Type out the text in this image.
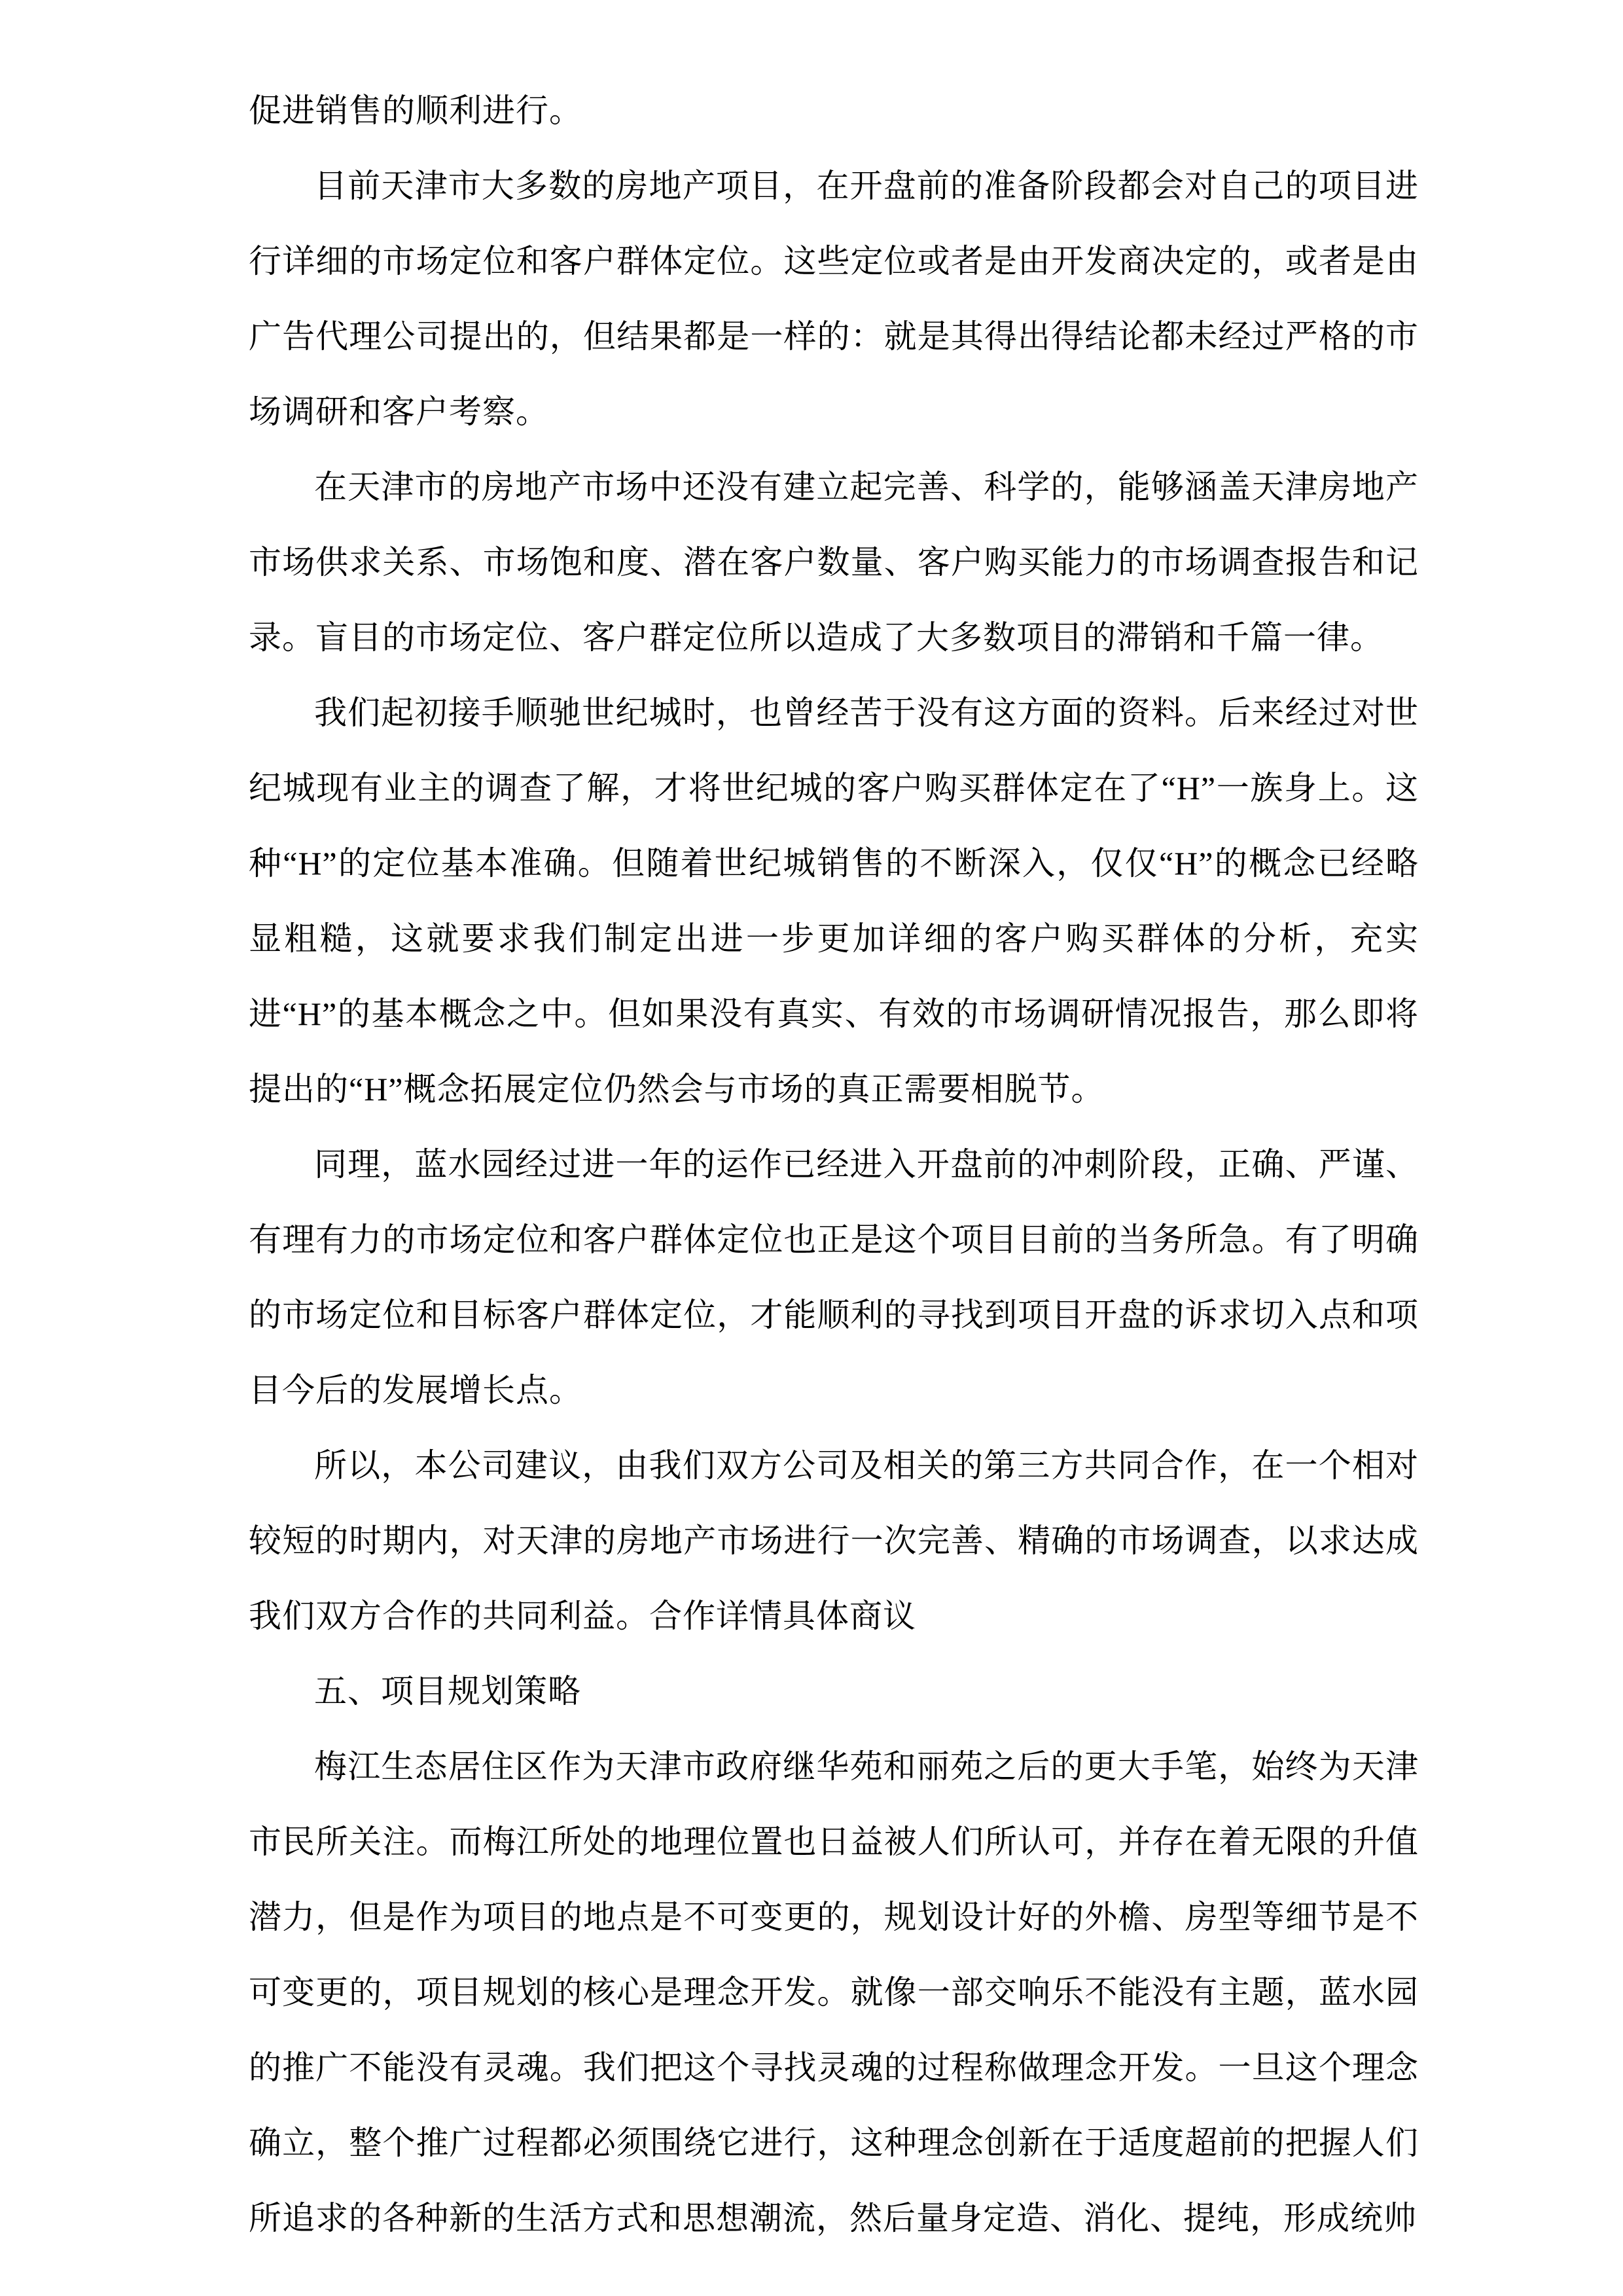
促进销售的顺利进行。

目前天津市大多数的房地产项目，在开盘前的准备阶段都会对自己的项目进行详细的市场定位和客户群体定位。这些定位或者是由开发商决定的，或者是由广告代理公司提出的，但结果都是一样的：就是其得出得结论都未经过严格的市场调研和客户考察。

在天津市的房地产市场中还没有建立起完善、科学的，能够涵盖天津房地产市场供求关系、市场饱和度、潜在客户数量、客户购买能力的市场调查报告和记录。盲目的市场定位、客户群定位所以造成了大多数项目的滞销和千篇一律。

我们起初接手顺驰世纪城时，也曾经苦于没有这方面的资料。后来经过对世纪城现有业主的调查了解，才将世纪城的客户购买群体定在了“H”一族身上。这种“H”的定位基本准确。但随着世纪城销售的不断深入，仅仅“H”的概念已经略显粗糙，这就要求我们制定出进一步更加详细的客户购买群体的分析，充实进“H”的基本概念之中。但如果没有真实、有效的市场调研情况报告，那么即将提出的“H”概念拓展定位仍然会与市场的真正需要相脱节。

同理，蓝水园经过进一年的运作已经进入开盘前的冲刺阶段，正确、严谨、有理有力的市场定位和客户群体定位也正是这个项目目前的当务所急。有了明确的市场定位和目标客户群体定位，才能顺利的寻找到项目开盘的诉求切入点和项目今后的发展增长点。

所以，本公司建议，由我们双方公司及相关的第三方共同合作，在一个相对较短的时期内，对天津的房地产市场进行一次完善、精确的市场调查，以求达成我们双方合作的共同利益。合作详情具体商议

五、项目规划策略

梅江生态居住区作为天津市政府继华苑和丽苑之后的更大手笔，始终为天津市民所关注。而梅江所处的地理位置也日益被人们所认可，并存在着无限的升值潜力，但是作为项目的地点是不可变更的，规划设计好的外檐、房型等细节是不可变更的，项目规划的核心是理念开发。就像一部交响乐不能没有主题，蓝水园的推广不能没有灵魂。我们把这个寻找灵魂的过程称做理念开发。一旦这个理念确立，整个推广过程都必须围绕它进行，这种理念创新在于适度超前的把握人们所追求的各种新的生活方式和思想潮流，然后量身定造、消化、提纯，形成统帅
